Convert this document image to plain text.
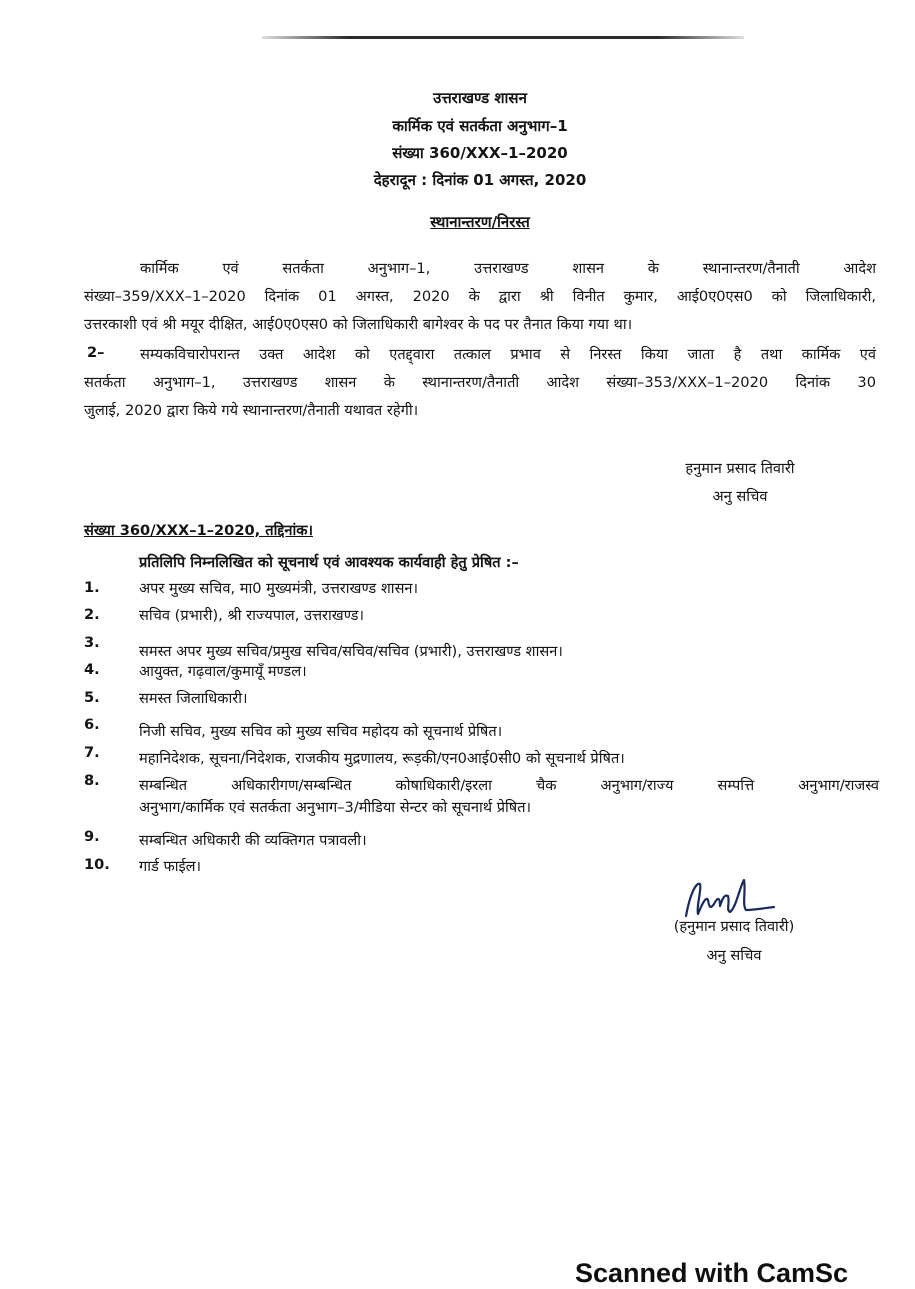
उत्तराखण्ड शासन
कार्मिक एवं सतर्कता अनुभाग–1
संख्या 360/XXX–1–2020
देहरादून : दिनांक 01 अगस्त, 2020
स्थानान्तरण/निरस्त
कार्मिक एवं सतर्कता अनुभाग–1, उत्तराखण्ड शासन के स्थानान्तरण/तैनाती आदेश
संख्या–359/XXX–1–2020 दिनांक 01 अगस्त, 2020 के द्वारा श्री विनीत कुमार, आई0ए0एस0 को जिलाधिकारी,
उत्तरकाशी एवं श्री मयूर दीक्षित, आई0ए0एस0 को जिलाधिकारी बागेश्वर के पद पर तैनात किया गया था।
2–	सम्यकविचारोपरान्त उक्त आदेश को एतद्द्वारा तत्काल प्रभाव से निरस्त किया जाता है तथा कार्मिक एवं
सतर्कता अनुभाग–1, उत्तराखण्ड शासन के स्थानान्तरण/तैनाती आदेश संख्या–353/XXX–1–2020 दिनांक 30
जुलाई, 2020 द्वारा किये गये स्थानान्तरण/तैनाती यथावत रहेगी।
हनुमान प्रसाद तिवारी
अनु सचिव
संख्या 360/XXX–1–2020, तद्दिनांक।
प्रतिलिपि निम्नलिखित को सूचनार्थ एवं आवश्यक कार्यवाही हेतु प्रेषित :–
1.	अपर मुख्य सचिव, मा0 मुख्यमंत्री, उत्तराखण्ड शासन।
2.	सचिव (प्रभारी), श्री राज्यपाल, उत्तराखण्ड।
3.
समस्त अपर मुख्य सचिव/प्रमुख सचिव/सचिव/सचिव (प्रभारी), उत्तराखण्ड शासन।
4.	आयुक्त, गढ़वाल/कुमायूँ मण्डल।
5.	समस्त जिलाधिकारी।
6.	निजी सचिव, मुख्य सचिव को मुख्य सचिव महोदय को सूचनार्थ प्रेषित।
7.	महानिदेशक, सूचना/निदेशक, राजकीय मुद्रणालय, रूड़की/एन0आई0सी0 को सूचनार्थ प्रेषित।
8.	सम्बन्धित अधिकारीगण/सम्बन्धित कोषाधिकारी/इरला चैक अनुभाग/राज्य सम्पत्ति अनुभाग/राजस्व
अनुभाग/कार्मिक एवं सतर्कता अनुभाग–3/मीडिया सेन्टर को सूचनार्थ प्रेषित।
9.	सम्बन्धित अधिकारी की व्यक्तिगत पत्रावली।
10. गार्ड फाईल।
(हनुमान प्रसाद तिवारी)
अनु सचिव
Scanned with CamSc
